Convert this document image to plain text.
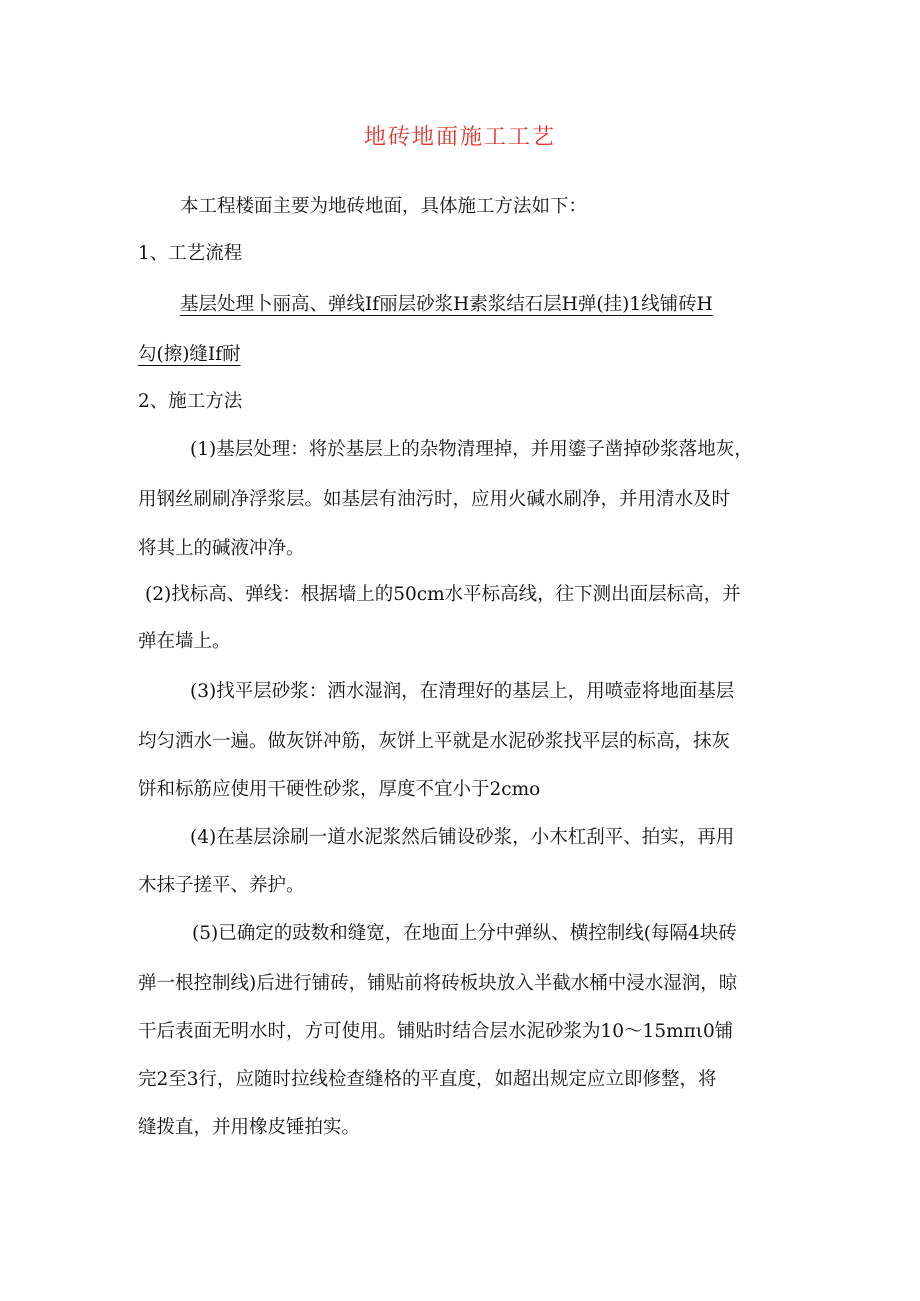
地砖地面施工工艺
本工程楼面主要为地砖地面，具体施工方法如下：
1、工艺流程
基层处理卜丽高、弹线If丽层砂浆H素浆结石层H弹(挂)1线铺砖H
勾(擦)缝If耐
2、施工方法
(1)基层处理：将於基层上的杂物清理掉，并用鎏子凿掉砂浆落地灰，
用钢丝刷刷净浮浆层。如基层有油污时，应用火碱水刷净，并用清水及时
将其上的碱液冲净。
(2)找标高、弹线：根据墙上的50cm水平标高线，往下测出面层标高，并
弹在墙上。
(3)找平层砂浆：洒水湿润，在清理好的基层上，用喷壶将地面基层
均匀洒水一遍。做灰饼冲筋，灰饼上平就是水泥砂浆找平层的标高，抹灰
饼和标筋应使用干硬性砂浆，厚度不宜小于2cmo
(4)在基层涂刷一道水泥浆然后铺设砂浆，小木杠刮平、拍实，再用
木抹子搓平、养护。
(5)已确定的豉数和缝宽，在地面上分中弹纵、横控制线(每隔4块砖
弹一根控制线)后进行铺砖，铺贴前将砖板块放入半截水桶中浸水湿润，晾
干后表面无明水时，方可使用。铺贴时结合层水泥砂浆为10～15mπι0铺
完2至3行，应随时拉线检查缝格的平直度，如超出规定应立即修整，将
缝拨直，并用橡皮锤拍实。
